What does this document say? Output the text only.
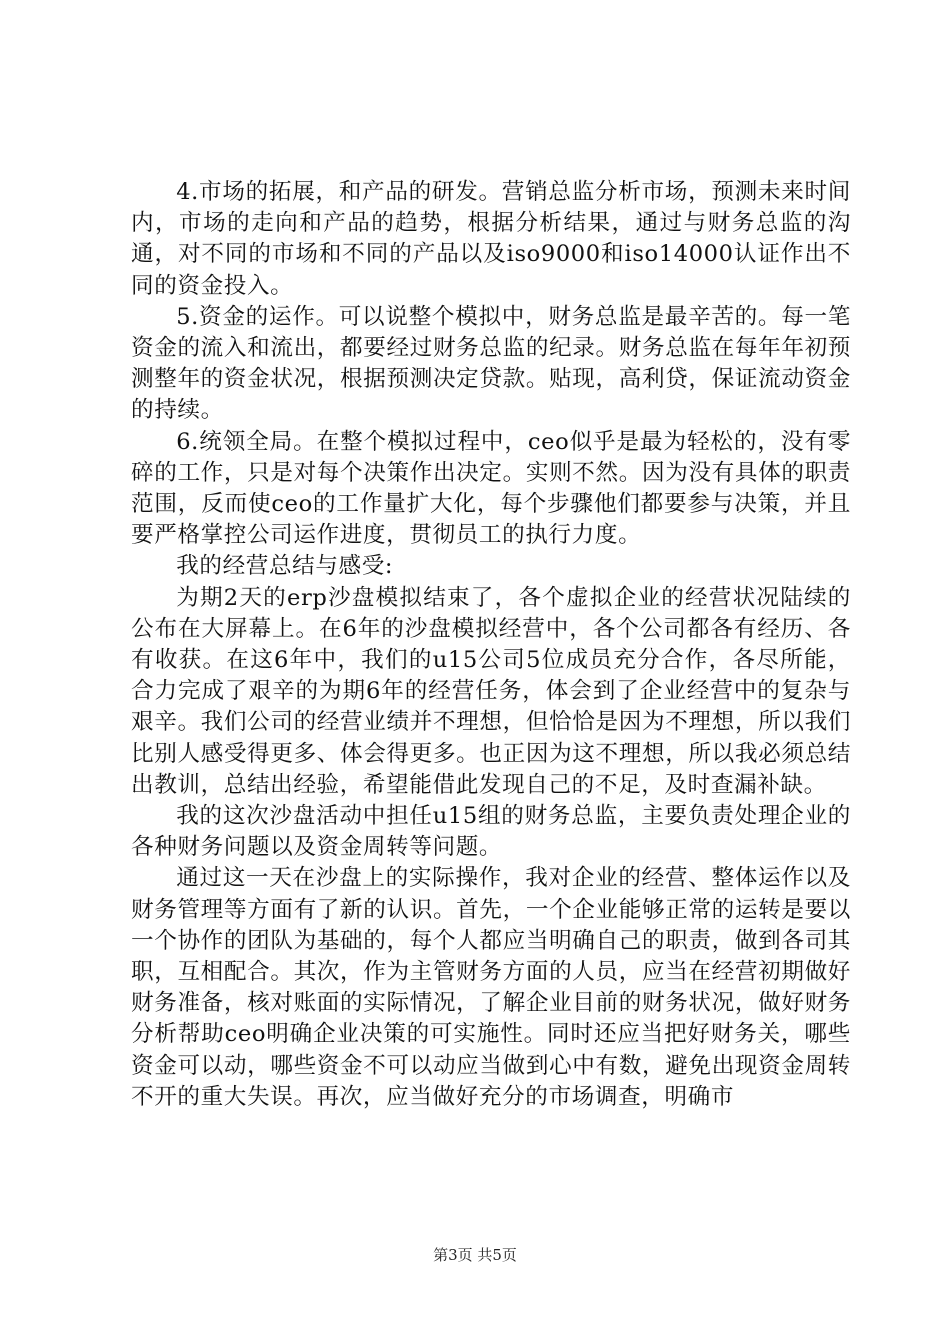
4.市场的拓展，和产品的研发。营销总监分析市场，预测未来时间内，市场的走向和产品的趋势，根据分析结果，通过与财务总监的沟通，对不同的市场和不同的产品以及iso9000和iso14000认证作出不同的资金投入。

5.资金的运作。可以说整个模拟中，财务总监是最辛苦的。每一笔资金的流入和流出，都要经过财务总监的纪录。财务总监在每年年初预测整年的资金状况，根据预测决定贷款。贴现，高利贷，保证流动资金的持续。

6.统领全局。在整个模拟过程中，ceo似乎是最为轻松的，没有零碎的工作，只是对每个决策作出决定。实则不然。因为没有具体的职责范围，反而使ceo的工作量扩大化，每个步骤他们都要参与决策，并且要严格掌控公司运作进度，贯彻员工的执行力度。

我的经营总结与感受:

为期2天的erp沙盘模拟结束了，各个虚拟企业的经营状况陆续的公布在大屏幕上。在6年的沙盘模拟经营中，各个公司都各有经历、各有收获。在这6年中，我们的u15公司5位成员充分合作，各尽所能，合力完成了艰辛的为期6年的经营任务，体会到了企业经营中的复杂与艰辛。我们公司的经营业绩并不理想，但恰恰是因为不理想，所以我们比别人感受得更多、体会得更多。也正因为这不理想，所以我必须总结出教训，总结出经验，希望能借此发现自己的不足，及时查漏补缺。

我的这次沙盘活动中担任u15组的财务总监，主要负责处理企业的各种财务问题以及资金周转等问题。

通过这一天在沙盘上的实际操作，我对企业的经营、整体运作以及财务管理等方面有了新的认识。首先，一个企业能够正常的运转是要以一个协作的团队为基础的，每个人都应当明确自己的职责，做到各司其职，互相配合。其次，作为主管财务方面的人员，应当在经营初期做好财务准备，核对账面的实际情况，了解企业目前的财务状况，做好财务分析帮助ceo明确企业决策的可实施性。同时还应当把好财务关，哪些资金可以动，哪些资金不可以动应当做到心中有数，避免出现资金周转不开的重大失误。再次，应当做好充分的市场调查，明确市

第3页 共5页
